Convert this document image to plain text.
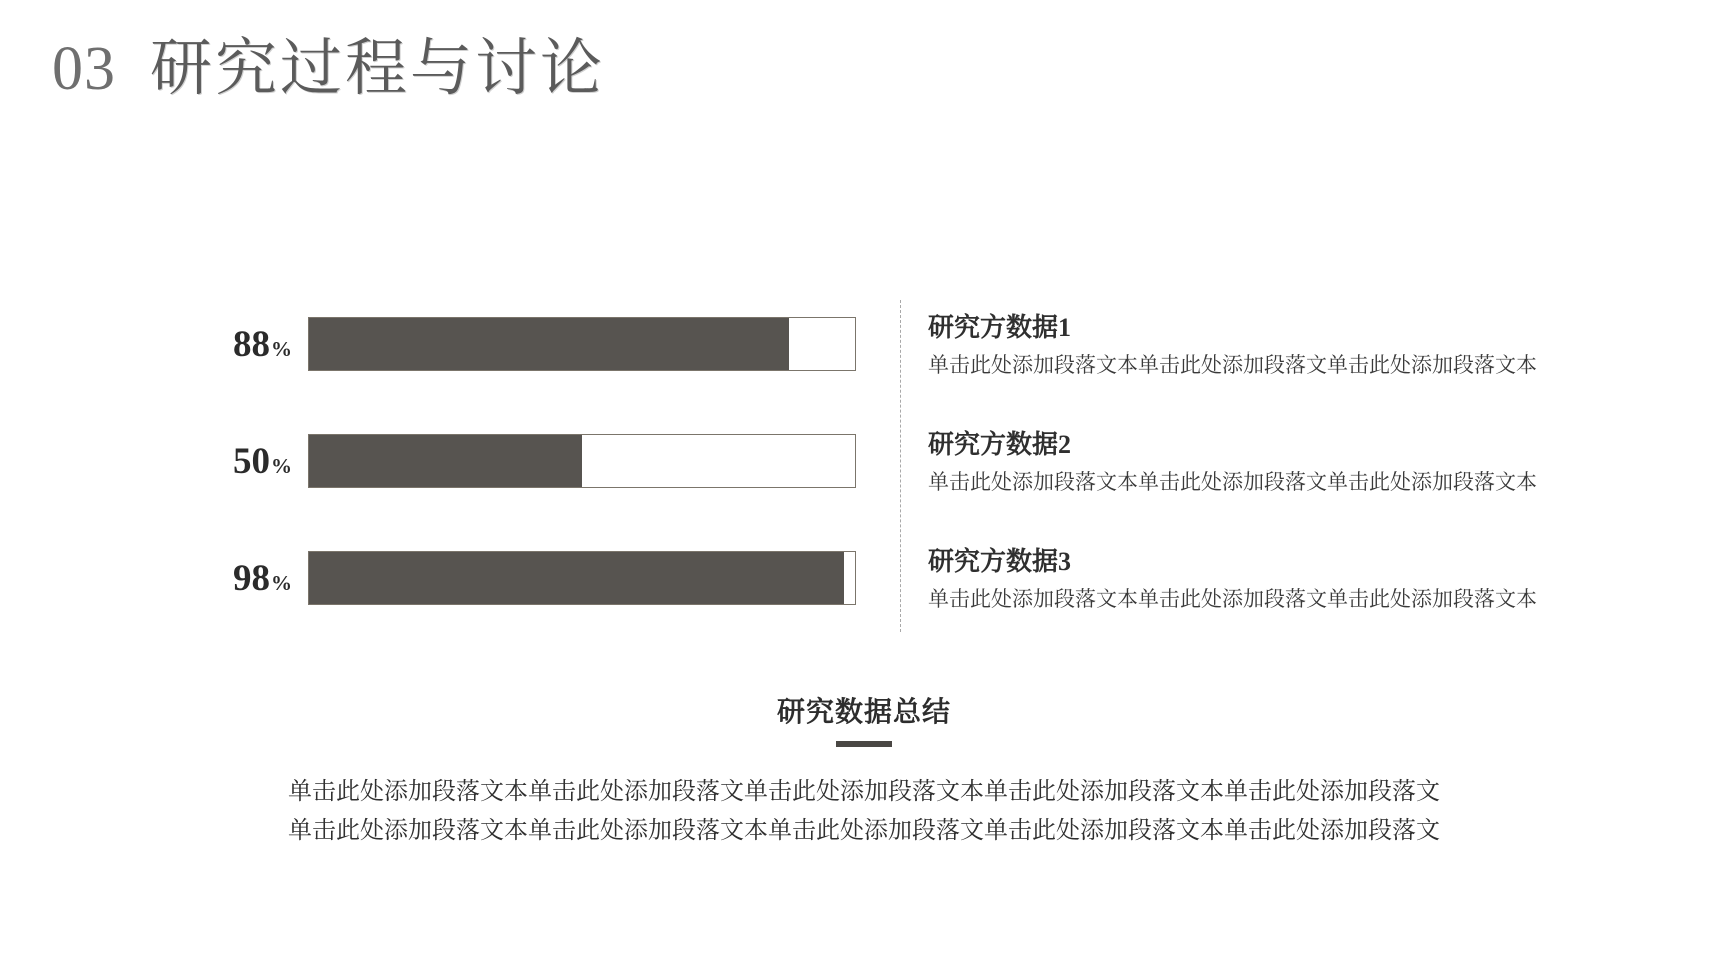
03 研究过程与讨论
88%
50%
98%
研究方数据1
单击此处添加段落文本单击此处添加段落文单击此处添加段落文本
研究方数据2
单击此处添加段落文本单击此处添加段落文单击此处添加段落文本
研究方数据3
单击此处添加段落文本单击此处添加段落文单击此处添加段落文本
研究数据总结
单击此处添加段落文本单击此处添加段落文单击此处添加段落文本单击此处添加段落文本单击此处添加段落文
单击此处添加段落文本单击此处添加段落文本单击此处添加段落文单击此处添加段落文本单击此处添加段落文
